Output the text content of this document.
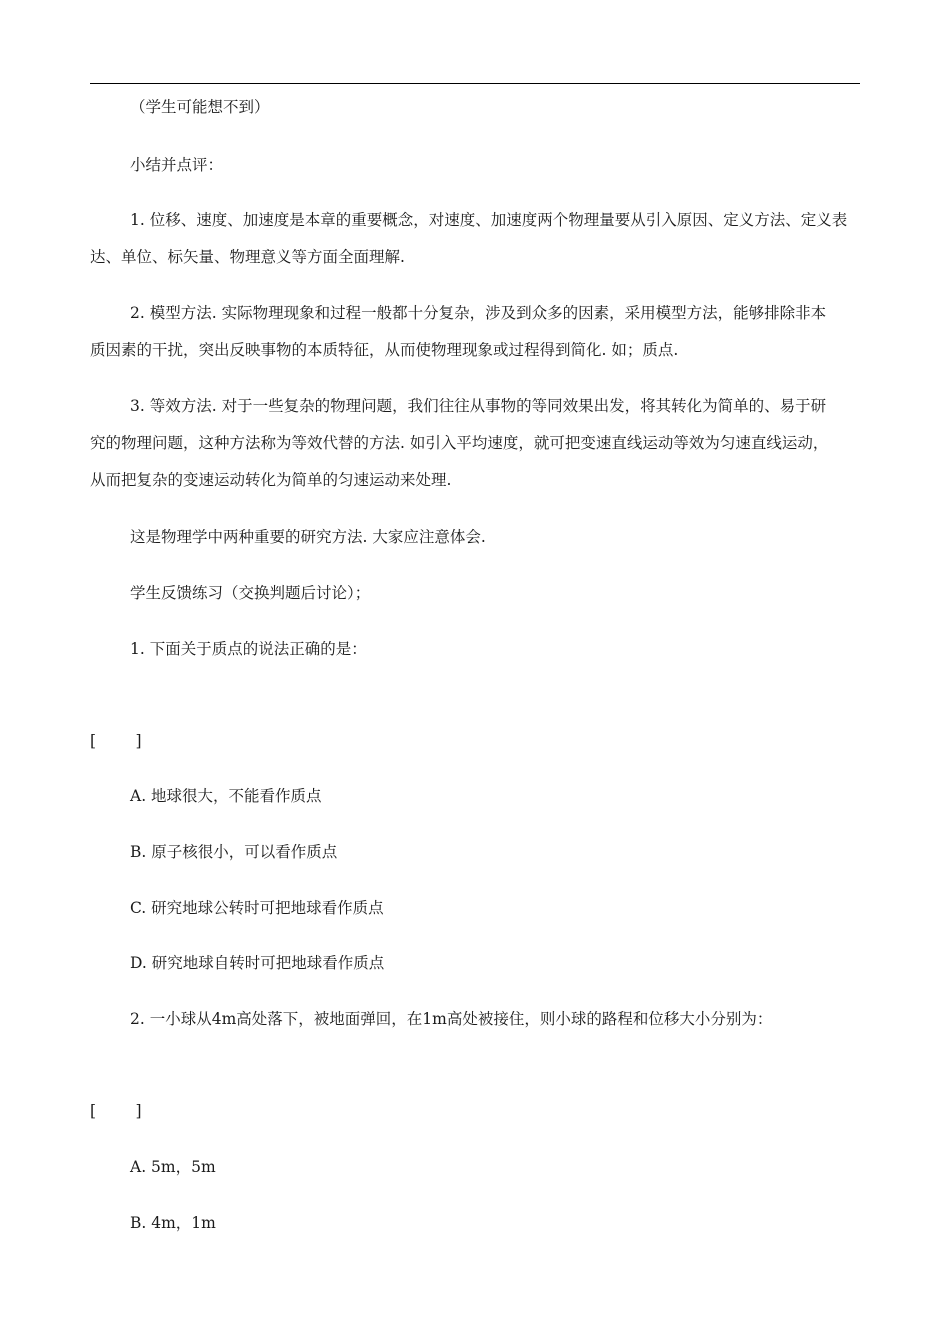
（学生可能想不到）
小结并点评：
1. 位移、速度、加速度是本章的重要概念，对速度、加速度两个物理量要从引入原因、定义方法、定义表
达、单位、标矢量、物理意义等方面全面理解.
2. 模型方法. 实际物理现象和过程一般都十分复杂，涉及到众多的因素，采用模型方法，能够排除非本
质因素的干扰，突出反映事物的本质特征，从而使物理现象或过程得到简化. 如；质点.
3. 等效方法. 对于一些复杂的物理问题，我们往往从事物的等同效果出发，将其转化为简单的、易于研
究的物理问题，这种方法称为等效代替的方法. 如引入平均速度，就可把变速直线运动等效为匀速直线运动，
从而把复杂的变速运动转化为简单的匀速运动来处理.
这是物理学中两种重要的研究方法. 大家应注意体会.
学生反馈练习（交换判题后讨论）；
1. 下面关于质点的说法正确的是：
[        ]
A. 地球很大，不能看作质点
B. 原子核很小，可以看作质点
C. 研究地球公转时可把地球看作质点
D. 研究地球自转时可把地球看作质点
2. 一小球从4m高处落下，被地面弹回，在1m高处被接住，则小球的路程和位移大小分别为：
[        ]
A. 5m，5m
B. 4m，1m
